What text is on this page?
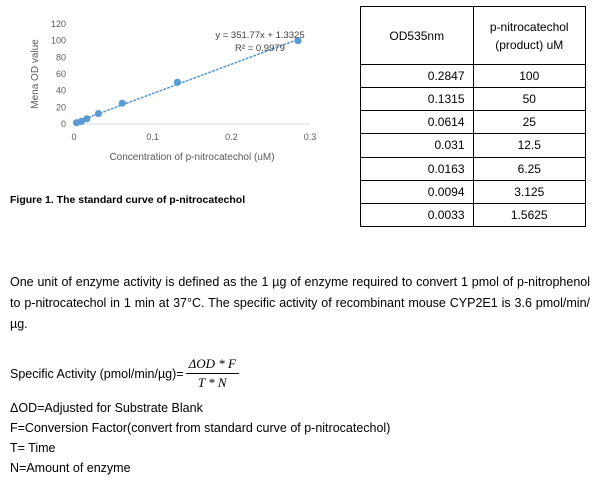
0
20
40
60
80
100
120
0	0.1	0.2	0.3
Mena OD value
Concentration of p-nitrocatechol (uM)
y = 351.77x + 1.3325
R² = 0.9979
Figure 1. The standard curve of p-nitrocatechol
OD535nm	p-nitrocatechol (product) uM
0.2847	100
0.1315	50
0.0614	25
0.031	12.5
0.0163	6.25
0.0094	3.125
0.0033	1.5625
One unit of enzyme activity is defined as the 1 µg of enzyme required to convert 1 pmol of p-nitrophenol to p-nitrocatechol in 1 min at 37°C. The specific activity of recombinant mouse CYP2E1 is 3.6 pmol/min/µg.
Specific Activity (pmol/min/µg)= $\frac{\text{ΔOD * F}}{T * N}$
ΔOD=Adjusted for Substrate Blank
F=Conversion Factor(convert from standard curve of p-nitrocatechol)
T= Time
N=Amount of enzyme
